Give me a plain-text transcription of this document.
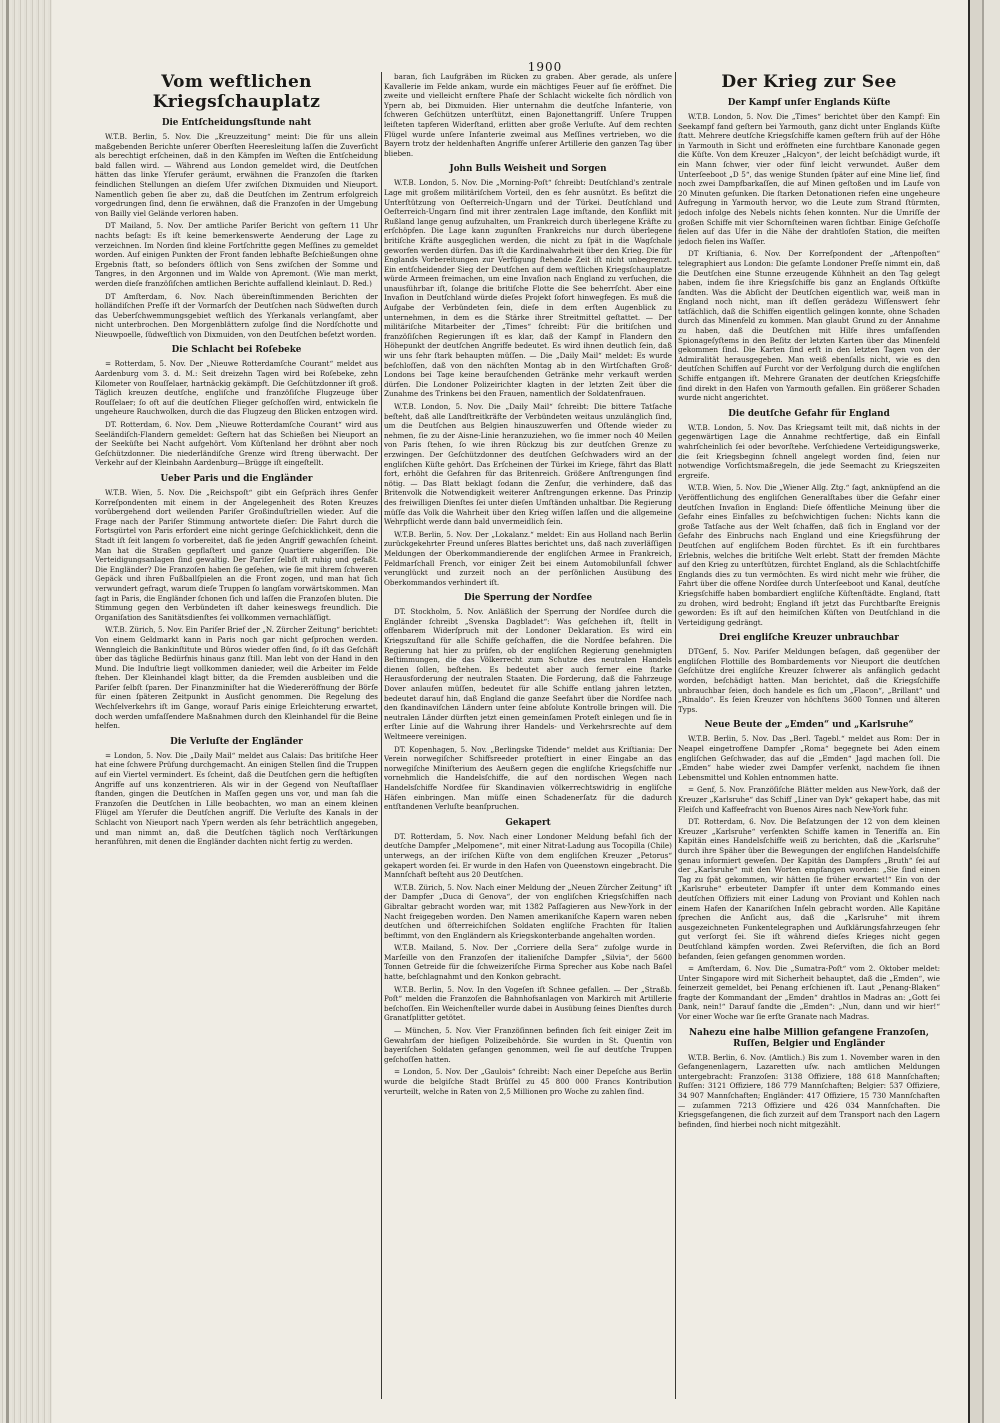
1900
Vom weftlichen Kriegsſchauplatz
Die Entſcheidungsſtunde naht

W.T.B. Berlin, 5. Nov. Die „Kreuzzeitung“ meint: Die für uns allein maßgebenden Berichte unſerer Oberſten Heeresleitung laſſen die Zuverſicht als berechtigt erſcheinen, daß in den Kämpfen im Weſten die Entſcheidung bald fallen wird. — Während aus London gemeldet wird, die Deutſchen hätten das linke Yſerufer geräumt, erwähnen die Franzoſen die ſtarken feindlichen Stellungen an dieſem Ufer zwiſchen Dixmuiden und Nieuport. Namentlich geben ſie aber zu, daß die Deutſchen im Zentrum erfolgreich vorgedrungen ſind, denn ſie erwähnen, daß die Franzoſen in der Umgebung von Bailly viel Gelände verloren haben.

DT Mailand, 5. Nov. Der amtliche Pariſer Bericht von geſtern 11 Uhr nachts beſagt: Es iſt keine bemerkenswerte Aenderung der Lage zu verzeichnen. Im Norden ſind kleine Fortſchritte gegen Meſſines zu gemeldet worden. Auf einigen Punkten der Front fanden lebhafte Beſchießungen ohne Ergebnis ſtatt, so beſonders öſtlich von Sens zwiſchen der Somme und Tangres, in den Argonnen und im Walde von Apremont. (Wie man merkt, werden dieſe franzöſiſchen amtlichen Berichte auffallend kleinlaut. D. Red.)

DT Amſterdam, 6. Nov. Nach übereinſtimmenden Berichten der holländiſchen Preſſe iſt der Vormarſch der Deutſchen nach Südweſten durch das Ueberſchwemmungsgebiet weſtlich des Yſerkanals verlangſamt, aber nicht unterbrochen. Den Morgenblättern zufolge ſind die Nordſchotte und Nieuwpoelle, ſüdweſtlich von Dixmuiden, von den Deutſchen beſetzt worden.

Die Schlacht bei Roſebeke

= Rotterdam, 5. Nov. Der „Nieuwe Rotterdamſche Courant“ meldet aus Aardenburg vom 3. d. M.: Seit dreizehn Tagen wird bei Roſebeke, zehn Kilometer von Rouſſelaer, hartnäckig gekämpft. Die Geſchützdonner iſt groß. Täglich kreuzen deutſche, engliſche und franzöſiſche Flugzeuge über Rouſſelaer; ſo oft auf die deutſchen Flieger geſchoſſen wird, entwickeln ſie ungeheure Rauchwolken, durch die das Flugzeug den Blicken entzogen wird.

DT. Rotterdam, 6. Nov. Dem „Nieuwe Rotterdamſche Courant“ wird aus Seeländiſch-Flandern gemeldet: Geſtern hat das Schießen bei Nieuport an der Seeküſte bei Nacht aufgehört. Vom Küſtenland her dröhnt aber noch Geſchützdonner. Die niederländiſche Grenze wird ſtreng überwacht. Der Verkehr auf der Kleinbahn Aardenburg—Brügge iſt eingeſtellt.

Ueber Paris und die Engländer

W.T.B. Wien, 5. Nov. Die „Reichspoſt“ gibt ein Geſpräch ihres Genfer Korreſpondenten mit einem in der Angelegenheit des Roten Kreuzes vorübergehend dort weilenden Pariſer Großinduſtriellen wieder. Auf die Frage nach der Pariſer Stimmung antwortete dieſer: Die Fahrt durch die Fortsgürtel von Paris erfordert eine nicht geringe Geſchicklichkeit, denn die Stadt iſt ſeit langem ſo vorbereitet, daß ſie jeden Angriff gewachſen ſcheint. Man hat die Straßen gepflaſtert und ganze Quartiere abgeriſſen. Die Verteidigungsanlagen ſind gewaltig. Der Pariſer ſelbſt iſt ruhig und gefaßt. Die Engländer? Die Franzoſen haben ſie geſehen, wie ſie mit ihrem ſchweren Gepäck und ihren Fußballſpielen an die Front zogen, und man hat ſich verwundert gefragt, warum dieſe Truppen ſo langſam vorwärtskommen. Man ſagt in Paris, die Engländer ſchonen ſich und laſſen die Franzoſen bluten. Die Stimmung gegen den Verbündeten iſt daher keineswegs freundlich. Die Organiſation des Sanitätsdienſtes ſei vollkommen vernachläſſigt.

W.T.B. Zürich, 5. Nov. Ein Pariſer Brief der „N. Zürcher Zeitung“ berichtet: Von einem Geldmarkt kann in Paris noch gar nicht geſprochen werden. Wenngleich die Bankinſtitute und Büros wieder offen ſind, ſo iſt das Geſchäft über das tägliche Bedürfnis hinaus ganz ſtill. Man lebt von der Hand in den Mund. Die Induſtrie liegt vollkommen danieder, weil die Arbeiter im Felde ſtehen. Der Kleinhandel klagt bitter, da die Fremden ausbleiben und die Pariſer ſelbſt ſparen. Der Finanzminiſter hat die Wiedereröffnung der Börſe für einen ſpäteren Zeitpunkt in Ausſicht genommen. Die Regelung des Wechſelverkehrs iſt im Gange, worauf Paris einige Erleichterung erwartet, doch werden umfaſſendere Maßnahmen durch den Kleinhandel für die Beine helfen.

Die Verluſte der Engländer

= London, 5. Nov. Die „Daily Mail“ meldet aus Calais: Das britiſche Heer hat eine ſchwere Prüfung durchgemacht. An einigen Stellen ſind die Truppen auf ein Viertel vermindert. Es ſcheint, daß die Deutſchen gern die heftigſten Angriffe auf uns konzentrieren. Als wir in der Gegend von Neuſtaſſlaer ſtanden, gingen die Deutſchen in Maſſen gegen uns vor, und man ſah die Franzoſen die Deutſchen in Lille beobachten, wo man an einem kleinen Flügel am Yſerufer die Deutſchen angriff. Die Verluſte des Kanals in der Schlacht von Nieuport nach Ypern werden als ſehr beträchtlich angegeben, und man nimmt an, daß die Deutſchen täglich noch Verſtärkungen heranführen, mit denen die Engländer dachten nicht fertig zu werden.

baran, ſich Laufgräben im Rücken zu graben. Aber gerade, als unſere Kavallerie im Felde ankam, wurde ein mächtiges Feuer auf ſie eröffnet. Die zweite und vielleicht ernſtere Phaſe der Schlacht wickelte ſich nördlich von Ypern ab, bei Dixmuiden. Hier unternahm die deutſche Infanterie, von ſchweren Geſchützen unterſtützt, einen Bajonettangriff. Unſere Truppen leiſteten tapferen Widerſtand, erlitten aber große Verluſte. Auf dem rechten Flügel wurde unſere Infanterie zweimal aus Meſſines vertrieben, wo die Bayern trotz der heldenhaften Angriffe unſerer Artillerie den ganzen Tag über blieben.

John Bulls Weisheit und Sorgen

W.T.B. London, 5. Nov. Die „Morning-Poſt“ ſchreibt: Deutſchland's zentrale Lage mit großem militäriſchem Vorteil, den es ſehr ausnützt. Es beſitzt die Unterſtützung von Oeſterreich-Ungarn und der Türkei. Deutſchland und Oeſterreich-Ungarn ſind mit ihrer zentralen Lage imſtande, den Konflikt mit Rußland lange genug aufzuhalten, um Frankreich durch überlegene Kräfte zu erſchöpfen. Die Lage kann zugunſten Frankreichs nur durch überlegene britiſche Kräfte ausgeglichen werden, die nicht zu ſpät in die Wagſchale geworfen werden dürfen. Das iſt die Kardinalwahrheit über den Krieg. Die für Englands Vorbereitungen zur Verfügung ſtehende Zeit iſt nicht unbegrenzt. Ein entſcheidender Sieg der Deutſchen auf dem weſtlichen Kriegsſchauplatze würde Armeen freimachen, um eine Invaſion nach England zu verſuchen, die unausführbar iſt, ſolange die britiſche Flotte die See beherrſcht. Aber eine Invaſion in Deutſchland würde dieſes Projekt ſofort hinwegfegen. Es muß die Aufgabe der Verbündeten ſein, dieſe in dem erſten Augenblick zu unternehmen, in dem es die Stärke ihrer Streitmittel geſtattet. — Der militäriſche Mitarbeiter der „Times“ ſchreibt: Für die britiſchen und franzöſiſchen Regierungen iſt es klar, daß der Kampf in Flandern den Höhepunkt der deutſchen Angriffe bedeutet. Es wird ihnen deutlich ſein, daß wir uns ſehr ſtark behaupten müſſen. — Die „Daily Mail“ meldet: Es wurde beſchloſſen, daß von den nächſten Montag ab in den Wirtſchaften Groß-Londons bei Tage keine berauſchenden Getränke mehr verkauft werden dürfen. Die Londoner Polizeirichter klagten in der letzten Zeit über die Zunahme des Trinkens bei den Frauen, namentlich der Soldatenfrauen.

W.T.B. London, 5. Nov. Die „Daily Mail“ ſchreibt: Die bittere Tatſache beſteht, daß alle Landſtreitkräfte der Verbündeten weitaus unzulänglich ſind, um die Deutſchen aus Belgien hinauszuwerfen und Oſtende wieder zu nehmen, ſie zu der Aisne-Linie heranzuziehen, wo ſie immer noch 40 Meilen von Paris ſtehen, ſo wie ihren Rückzug bis zur deutſchen Grenze zu erzwingen. Der Geſchützdonner des deutſchen Geſchwaders wird an der engliſchen Küſte gehört. Das Erſcheinen der Türkei im Kriege, fährt das Blatt fort, erhöht die Gefahren für das Britenreich. Größere Anſtrengungen ſind nötig. — Das Blatt beklagt ſodann die Zenſur, die verhindere, daß das Britenvolk die Notwendigkeit weiterer Anſtrengungen erkenne. Das Prinzip des freiwilligen Dienſtes ſei unter dieſen Umſtänden unhaltbar. Die Regierung müſſe das Volk die Wahrheit über den Krieg wiſſen laſſen und die allgemeine Wehrpflicht werde dann bald unvermeidlich ſein.

W.T.B. Berlin, 5. Nov. Der „Lokalanz.“ meldet: Ein aus Holland nach Berlin zurückgekehrter Freund unſeres Blattes berichtet uns, daß nach zuverläſſigen Meldungen der Oberkommandierende der engliſchen Armee in Frankreich, Feldmarſchall French, vor einiger Zeit bei einem Automobilunfall ſchwer verunglückt und zurzeit noch an der perſönlichen Ausübung des Oberkommandos verhindert iſt.

Die Sperrung der Nordſee

DT. Stockholm, 5. Nov. Anläßlich der Sperrung der Nordſee durch die Engländer ſchreibt „Svenska Dagbladet“: Was geſchehen iſt, ſtellt in offenbarem Widerſpruch mit der Londoner Deklaration. Es wird ein Kriegszuſtand für alle Schiffe geſchaffen, die die Nordſee befahren. Die Regierung hat hier zu prüfen, ob der engliſchen Regierung genehmigten Beſtimmungen, die das Völkerrecht zum Schutze des neutralen Handels dienen ſollen, beſtehen. Es bedeutet aber auch ferner eine ſtarke Herausforderung der neutralen Staaten. Die Forderung, daß die Fahrzeuge Dover anlaufen müſſen, bedeutet für alle Schiffe entlang jahren letzten, bedeutet darauf hin, daß England die ganze Seefahrt über die Nordſee nach den ſkandinaviſchen Ländern unter ſeine abſolute Kontrolle bringen will. Die neutralen Länder dürften jetzt einen gemeinſamen Proteſt einlegen und ſie in erſter Linie auf die Wahrung ihrer Handels- und Verkehrsrechte auf dem Weltmeere vereinigen.

DT. Kopenhagen, 5. Nov. „Berlingske Tidende“ meldet aus Kriſtiania: Der Verein norwegiſcher Schiffsreeder proteſtiert in einer Eingabe an das norwegiſche Miniſterium des Aeußern gegen die engliſche Kriegsſchiffe nur vornehmlich die Handelsſchiffe, die auf den nordischen Wegen nach Handelsſchiffe Nordſee für Skandinavien völkerrechtswidrig in engliſche Häfen einbringen. Man müſſe einen Schadenerſatz für die dadurch entſtandenen Verluſte beanſpruchen.

Gekapert

DT. Rotterdam, 5. Nov. Nach einer Londoner Meldung befahl ſich der deutſche Dampfer „Melpomene“, mit einer Nitrat-Ladung aus Tocopilla (Chile) unterwegs, an der iriſchen Küſte von dem engliſchen Kreuzer „Petorus“ gekapert worden ſei. Er wurde in den Hafen von Queenstown eingebracht. Die Mannſchaft beſteht aus 20 Deutſchen.

W.T.B. Zürich, 5. Nov. Nach einer Meldung der „Neuen Zürcher Zeitung“ iſt der Dampfer „Duca di Genova“, der von engliſchen Kriegsſchiffen nach Gibraltar gebracht worden war, mit 1382 Paſſagieren aus New-York in der Nacht freigegeben worden. Den Namen amerikaniſche Kapern waren neben deutſchen und öſterreichiſchen Soldaten engliſche Frachten für Italien beſtimmt, von den Engländern als Kriegskonterbande angehalten worden.

W.T.B. Mailand, 5. Nov. Der „Corriere della Sera“ zufolge wurde in Marſeille von den Franzoſen der italieniſche Dampfer „Silvia“, der 5600 Tonnen Getreide für die ſchweizeriſche Firma Sprecher aus Kobe nach Baſel hatte, beſchlagnahmt und den Konkon gebracht.

W.T.B. Berlin, 5. Nov. In den Vogeſen iſt Schnee gefallen. — Der „Straßb. Poſt“ melden die Franzoſen die Bahnhofsanlagen von Markirch mit Artillerie beſchoſſen. Ein Weichenſteller wurde dabei in Ausübung ſeines Dienſtes durch Granatſplitter getötet.

— München, 5. Nov. Vier Franzöſinnen befinden ſich ſeit einiger Zeit im Gewahrſam der hieſigen Polizeibehörde. Sie wurden in St. Quentin von bayeriſchen Soldaten gefangen genommen, weil ſie auf deutſche Truppen geſchoſſen hatten.

= London, 5. Nov. Der „Gaulois“ ſchreibt: Nach einer Depeſche aus Berlin wurde die belgiſche Stadt Brüſſel zu 45 800 000 Francs Kontribution verurteilt, welche in Raten von 2,5 Millionen pro Woche zu zahlen ſind.

Der Krieg zur See
Der Kampf unſer Englands Küſte

W.T.B. London, 5. Nov. Die „Times“ berichtet über den Kampf: Ein Seekampf fand geſtern bei Yarmouth, ganz dicht unter Englands Küſte ſtatt. Mehrere deutſche Kriegsſchiffe kamen geſtern früh auf der Höhe in Yarmouth in Sicht und eröffneten eine furchtbare Kanonade gegen die Küſte. Von dem Kreuzer „Halcyon“, der leicht beſchädigt wurde, iſt ein Mann ſchwer, vier oder fünf leicht verwundet. Außer dem Unterſeeboot „D 5“, das wenige Stunden ſpäter auf eine Mine lief, ſind noch zwei Dampfbarkaſſen, die auf Minen geſtoßen und im Laufe von 20 Minuten geſunken. Die ſtarken Detonationen riefen eine ungeheure Aufregung in Yarmouth hervor, wo die Leute zum Strand ſtürmten, jedoch infolge des Nebels nichts ſehen konnten. Nur die Umriſſe der großen Schiffe mit vier Schornſteinen waren ſichtbar. Einige Geſchoſſe fielen auf das Ufer in die Nähe der drahtloſen Station, die meiſten jedoch fielen ins Waſſer.

DT Kriſtiania, 6. Nov. Der Korreſpondent der „Aftenpoſten“ telegraphiert aus London: Die geſamte Londoner Preſſe nimmt ein, daß die Deutſchen eine Stunne erzeugende Kühnheit an den Tag gelegt haben, indem ſie ihre Kriegsſchiffe bis ganz an Englands Oſtküſte ſandten. Was die Abſicht der Deutſchen eigentlich war, weiß man in England noch nicht, man iſt deſſen gerädezu Wiſſenswert ſehr tatſächlich, daß die Schiffen eigentlich gelingen konnte, ohne Schaden durch das Minenfeld zu kommen. Man glaubt Grund zu der Annahme zu haben, daß die Deutſchen mit Hilfe ihres umfaſſenden Spionageſyſtems in den Beſitz der letzten Karten über das Minenfeld gekommen ſind. Die Karten ſind erſt in den letzten Tagen von der Admiralität herausgegeben. Man weiß ebenſalls nicht, wie es den deutſchen Schiffen auf Furcht vor der Verfolgung durch die engliſchen Schiffe entgangen iſt. Mehrere Granaten der deutſchen Kriegsſchiffe ſind direkt in den Hafen von Yarmouth gefallen. Ein größerer Schaden wurde nicht angerichtet.

Die deutſche Gefahr für England

W.T.B. London, 5. Nov. Das Kriegsamt teilt mit, daß nichts in der gegenwärtigen Lage die Annahme rechtfertige, daß ein Einfall wahrſcheinlich ſei oder bevorſtehe. Verſchiedene Verteidigungswerke, die ſeit Kriegsbeginn ſchnell angelegt worden ſind, ſeien nur notwendige Vorſichtsmaßregeln, die jede Seemacht zu Kriegszeiten ergreife.

W.T.B. Wien, 5. Nov. Die „Wiener Allg. Ztg.“ ſagt, anknüpfend an die Veröffentlichung des engliſchen Generalſtabes über die Gefahr einer deutſchen Invaſion in England: Dieſe öffentliche Meinung über die Gefahr eines Einfalles zu beſchwichtigen ſuchen: Nichts kann die große Tatſache aus der Welt ſchaffen, daß ſich in England vor der Gefahr des Einbruchs nach England und eine Kriegsführung der Deutſchen auf engliſchem Boden fürchtet. Es iſt ein furchtbares Erlebnis, welches die britiſche Welt erlebt. Statt der fremden Mächte auf den Krieg zu unterſtützen, fürchtet England, als die Schlachtſchiffe Englands dies zu tun vermöchten. Es wird nicht mehr wie früher, die Fahrt über die offene Nordſee durch Unterſeeboot und Kanal, deutſche Kriegsſchiffe haben bombardiert engliſche Küſtenſtädte. England, ſtatt zu drohen, wird bedroht; England iſt jetzt das Furchtbarſte Ereignis geworden: Es iſt auf den heimiſchen Küſten von Deutſchland in die Verteidigung gedrängt.

Drei engliſche Kreuzer unbrauchbar

DTGenf, 5. Nov. Pariſer Meldungen beſagen, daß gegenüber der engliſchen Flottille des Bombardements vor Nieuport die deutſchen Geſchütze drei engliſche Kreuzer ſchwerer als anfänglich gedacht worden, beſchädigt hatten. Man berichtet, daß die Kriegsſchiffe unbrauchbar ſeien, doch handele es ſich um „Flacon“, „Brillant“ und „Rinaldo“. Es ſeien Kreuzer von höchſtens 3600 Tonnen und älteren Typs.

Neue Beute der „Emden“ und „Karlsruhe“

W.T.B. Berlin, 5. Nov. Das „Berl. Tagebl.“ meldet aus Rom: Der in Neapel eingetroffene Dampfer „Roma“ begegnete bei Aden einem engliſchen Geſchwader, das auf die „Emden“ Jagd machen ſoll. Die „Emden“ habe wieder zwei Dampfer verſenkt, nachdem ſie ihnen Lebensmittel und Kohlen entnommen hatte.

= Genf, 5. Nov. Franzöſiſche Blätter melden aus New-York, daß der Kreuzer „Karlsruhe“ das Schiff „Liner van Dyk“ gekapert habe, das mit Fleiſch und Kaffeefracht von Buenos Aires nach New-York fuhr.

DT. Rotterdam, 6. Nov. Die Beſatzungen der 12 von dem kleinen Kreuzer „Karlsruhe“ verſenkten Schiffe kamen in Teneriffa an. Ein Kapitän eines Handelsſchiffe weiß zu berichten, daß die „Karlsruhe“ durch ihre Späher über die Bewegungen der engliſchen Handelsſchiffe genau informiert geweſen. Der Kapitän des Dampfers „Bruth“ ſei auf der „Karlsruhe“ mit den Worten empfangen worden: „Sie ſind einen Tag zu ſpät gekommen, wir hätten ſie früher erwartet!“ Ein von der „Karlsruhe“ erbeuteter Dampfer iſt unter dem Kommando eines deutſchen Offiziers mit einer Ladung von Proviant und Kohlen nach einem Hafen der Kanariſchen Inſeln gebracht worden. Alle Kapitäne ſprechen die Anſicht aus, daß die „Karlsruhe“ mit ihrem ausgezeichneten Funkentelegraphen und Aufklärungsfahrzeugen ſehr gut verſorgt ſei. Sie iſt während dieſes Krieges nicht gegen Deutſchland kämpfen worden. Zwei Reſerviſten, die ſich an Bord befanden, ſeien gefangen genommen worden.

= Amſterdam, 6. Nov. Die „Sumatra-Poſt“ vom 2. Oktober meldet: Unter Singapore wird mit Sicherheit behauptet, daß die „Emden“, wie ſeinerzeit gemeldet, bei Penang erſchienen iſt. Laut „Penang-Blaken“ fragte der Kommandant der „Emden“ drahtlos in Madras an: „Gott ſei Dank, nein!“ Darauf ſandte die „Emden“: „Nun, dann und wir hier!“ Vor einer Woche war ſie erſte Granate nach Madras.

Nahezu eine halbe Million gefangene Franzoſen, Ruſſen, Belgier und Engländer

W.T.B. Berlin, 6. Nov. (Amtlich.) Bis zum 1. November waren in den Gefangenenlagern, Lazaretten uſw. nach amtlichen Meldungen untergebracht: Franzoſen: 3138 Offiziere, 188 618 Mannſchaften; Ruſſen: 3121 Offiziere, 186 779 Mannſchaften; Belgier: 537 Offiziere, 34 907 Mannſchaften; Engländer: 417 Offiziere, 15 730 Mannſchaften — zuſammen 7213 Offiziere und 426 034 Mannſchaften. Die Kriegsgefangenen, die ſich zurzeit auf dem Transport nach den Lagern befinden, ſind hierbei noch nicht mitgezählt.
